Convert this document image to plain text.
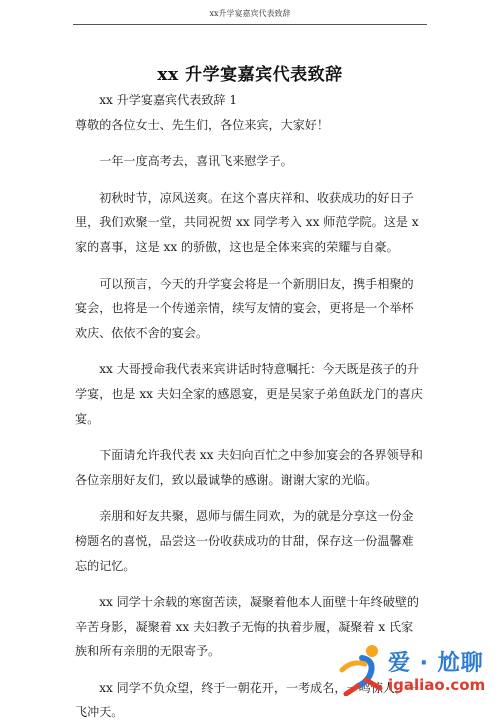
xx升学宴嘉宾代表致辞
xx 升学宴嘉宾代表致辞

xx 升学宴嘉宾代表致辞 1

尊敬的各位女士、先生们，各位来宾，大家好！

一年一度高考去，喜讯飞来慰学子。

初秋时节，凉风送爽。在这个喜庆祥和、收获成功的好日子里，我们欢聚一堂，共同祝贺 xx 同学考入 xx 师范学院。这是 x 家的喜事，这是 xx 的骄傲，这也是全体来宾的荣耀与自豪。

可以预言，今天的升学宴会将是一个新朋旧友，携手相聚的宴会，也将是一个传递亲情，续写友情的宴会，更将是一个举杯欢庆、依依不舍的宴会。

xx 大哥授命我代表来宾讲话时特意嘱托：今天既是孩子的升学宴，也是 xx 夫妇全家的感恩宴，更是吴家子弟鱼跃龙门的喜庆宴。

下面请允许我代表 xx 夫妇向百忙之中参加宴会的各界领导和各位亲朋好友们，致以最诚挚的感谢。谢谢大家的光临。

亲朋和好友共聚，恩师与儒生同欢，为的就是分享这一份金榜题名的喜悦，品尝这一份收获成功的甘甜，保存这一份温馨难忘的记忆。

xx 同学十余载的寒窗苦读，凝聚着他本人面壁十年终破壁的辛苦身影，凝聚着 xx 夫妇教子无悔的执着步履，凝聚着 x 氏家族和所有亲朋的无限寄予。

xx 同学不负众望，终于一朝花开，一考成名，一鸣惊人，一飞冲天。

爱 · 尬聊
igaliao.com
